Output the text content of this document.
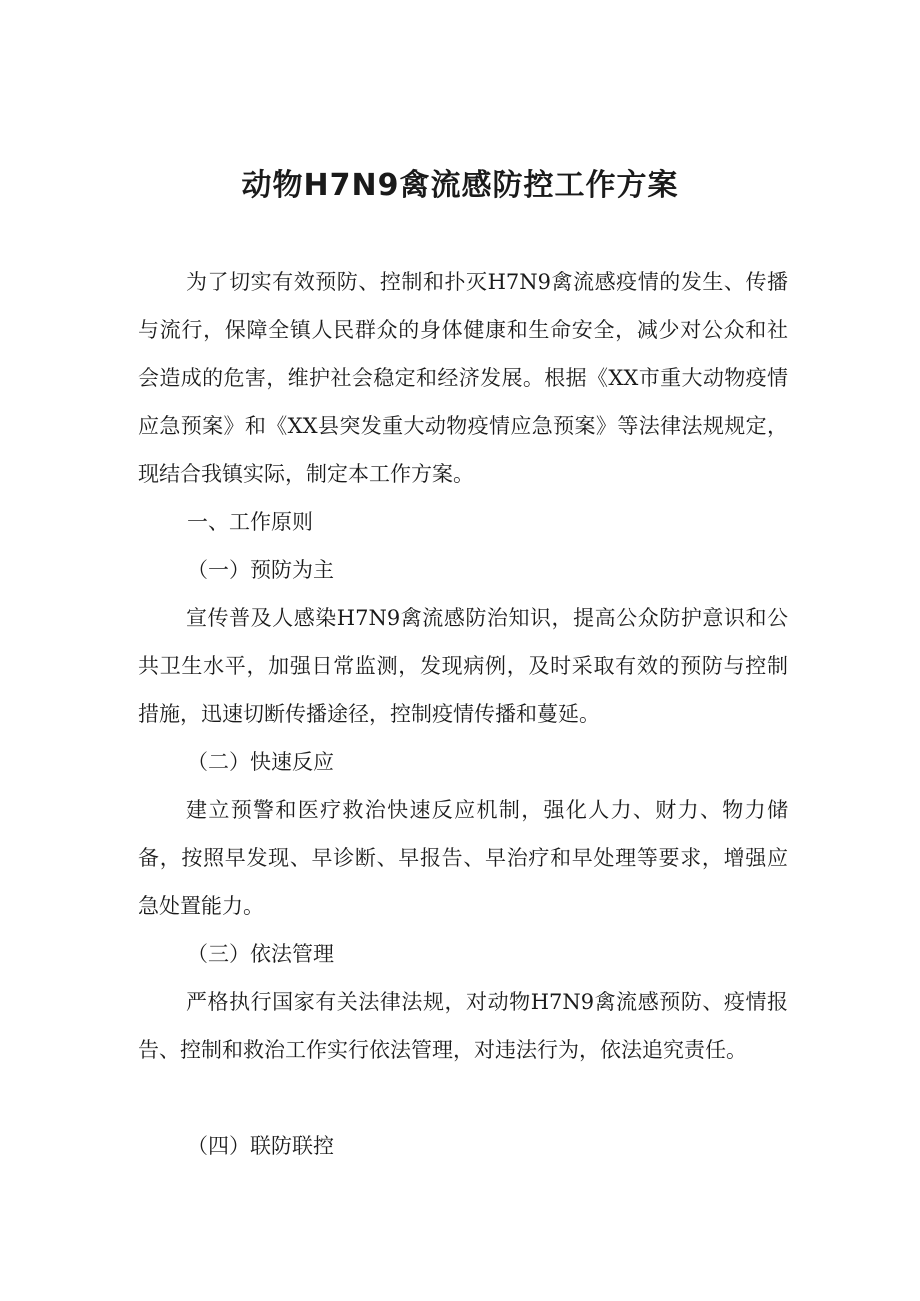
动物H7N9禽流感防控工作方案

为了切实有效预防、控制和扑灭H7N9禽流感疫情的发生、传播与流行，保障全镇人民群众的身体健康和生命安全，减少对公众和社会造成的危害，维护社会稳定和经济发展。根据《XX市重大动物疫情应急预案》和《XX县突发重大动物疫情应急预案》等法律法规规定，现结合我镇实际，制定本工作方案。

一、工作原则

（一）预防为主

宣传普及人感染H7N9禽流感防治知识，提高公众防护意识和公共卫生水平，加强日常监测，发现病例，及时采取有效的预防与控制措施，迅速切断传播途径，控制疫情传播和蔓延。

（二）快速反应

建立预警和医疗救治快速反应机制，强化人力、财力、物力储备，按照早发现、早诊断、早报告、早治疗和早处理等要求，增强应急处置能力。

（三）依法管理

严格执行国家有关法律法规，对动物H7N9禽流感预防、疫情报告、控制和救治工作实行依法管理，对违法行为，依法追究责任。

（四）联防联控
